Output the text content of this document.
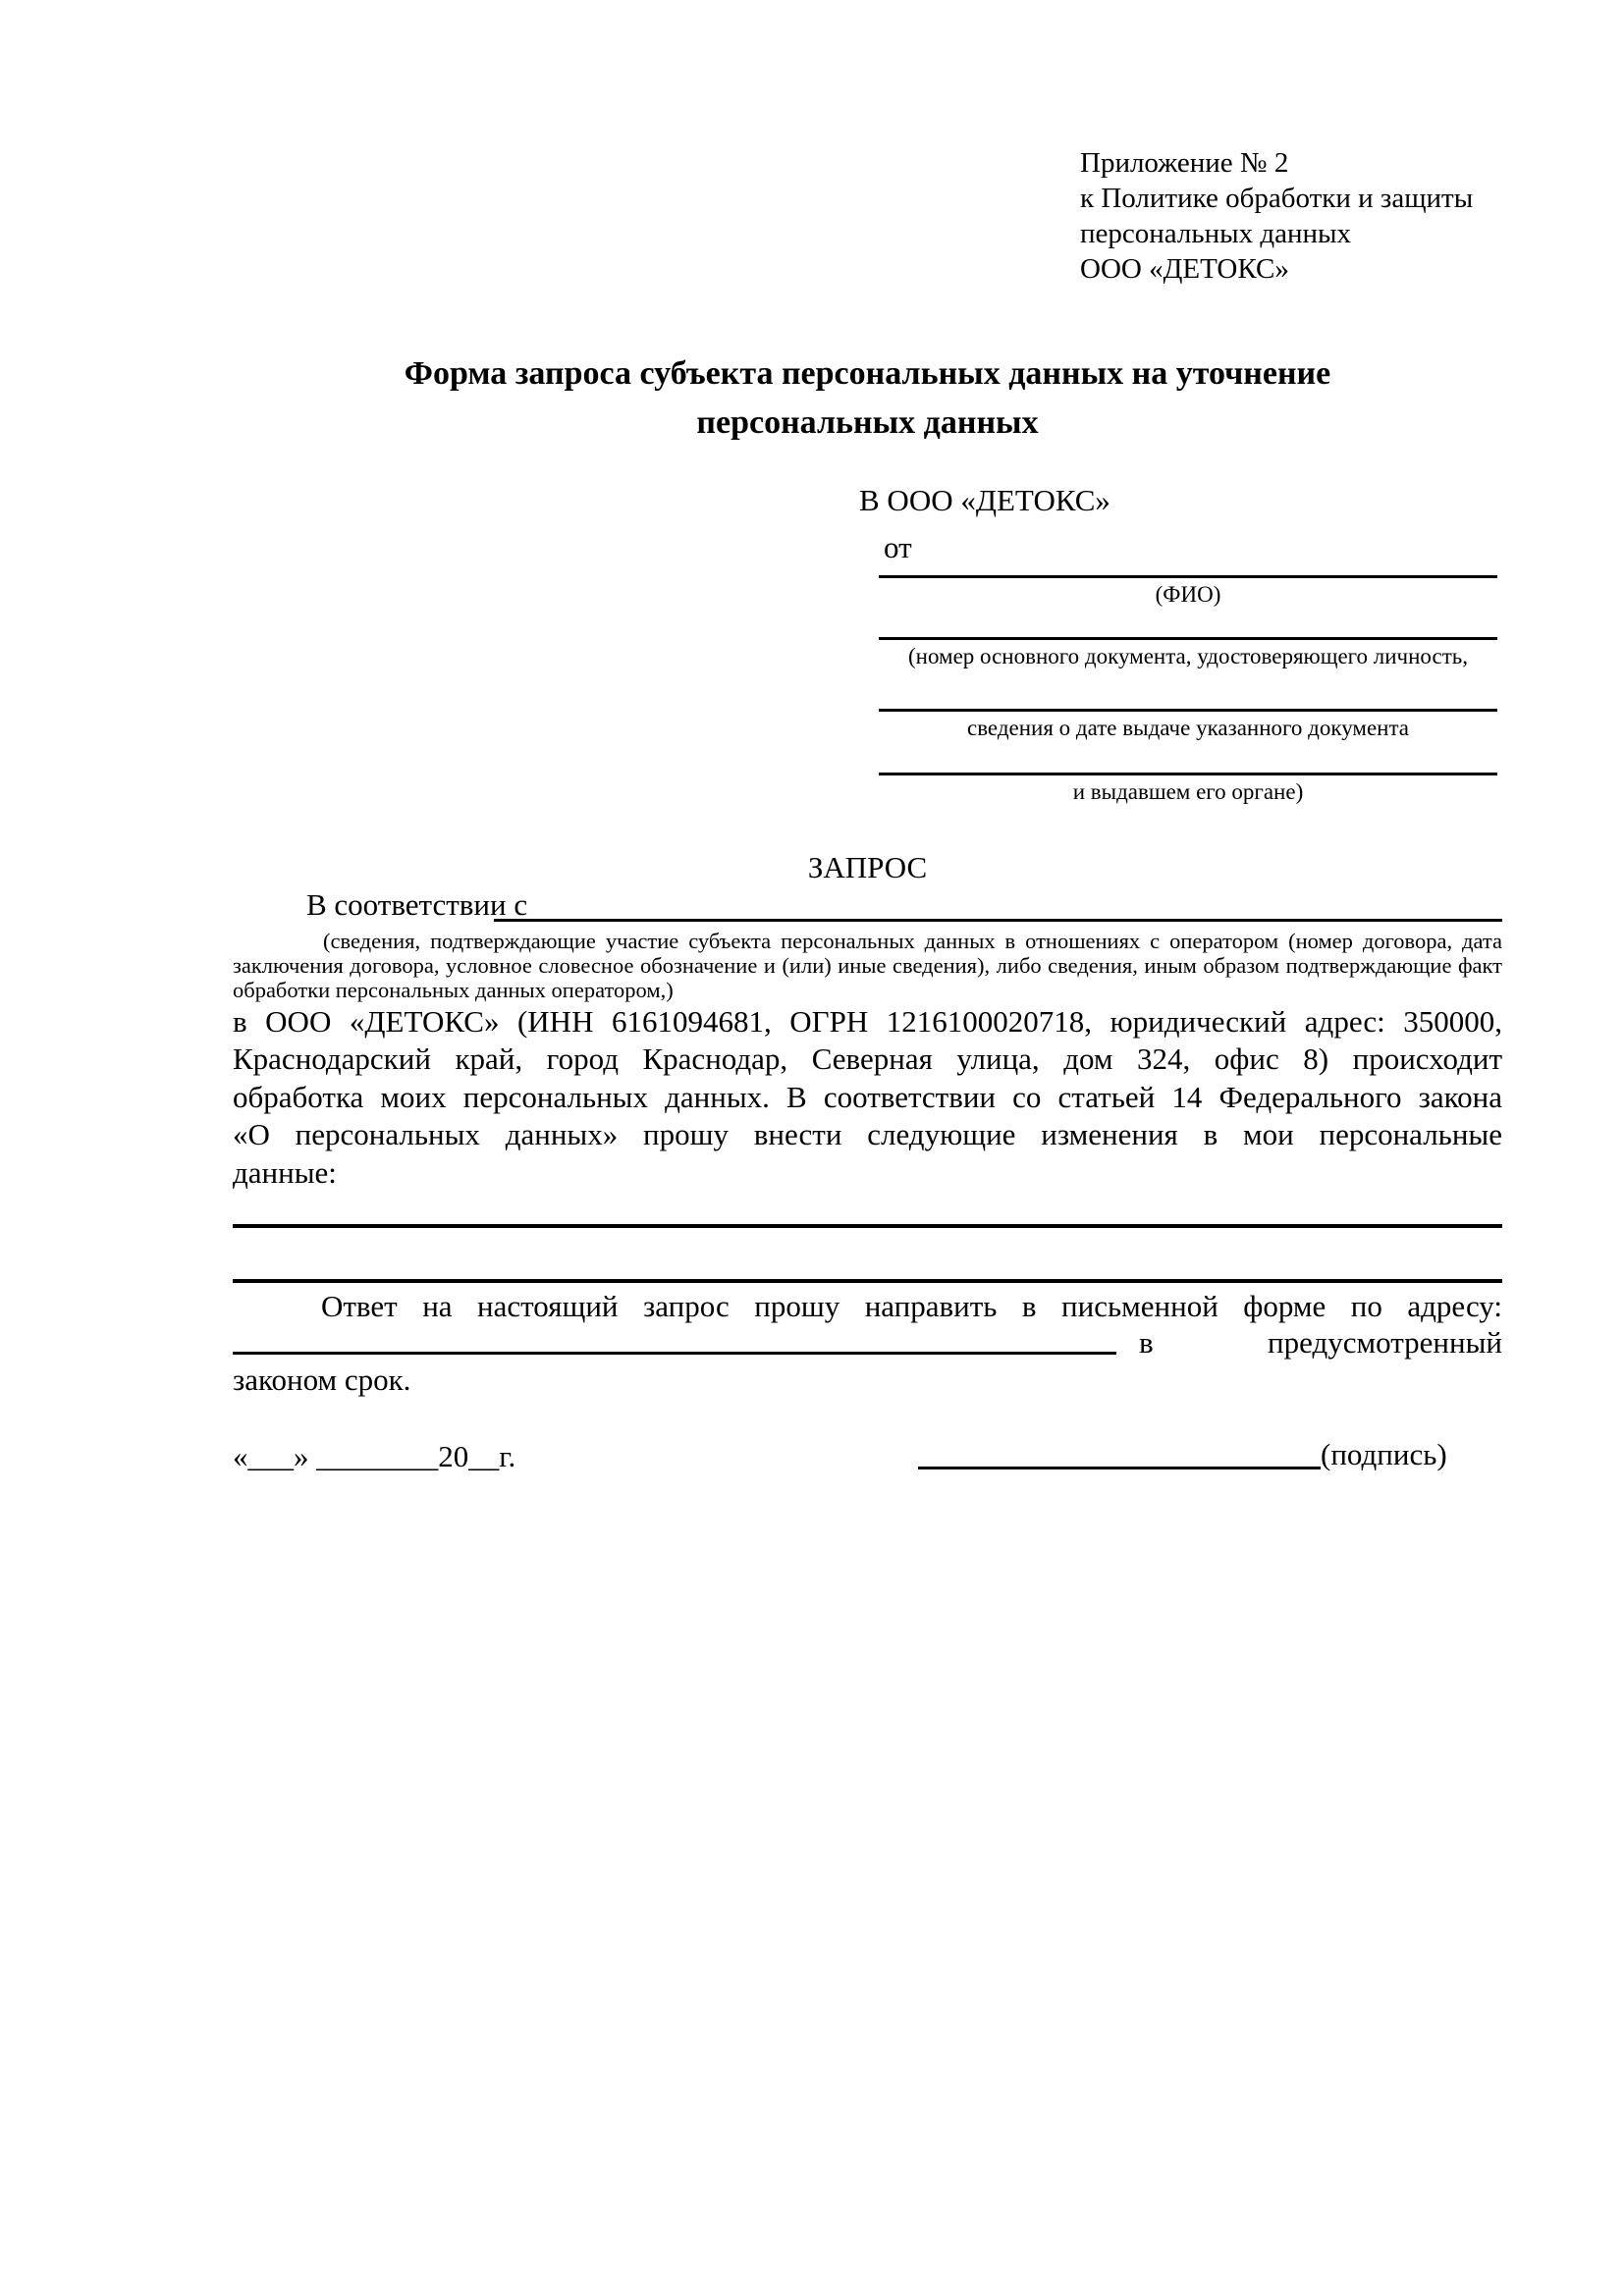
Приложение № 2
к Политике обработки и защиты
персональных данных
ООО «ДЕТОКС»
Форма запроса субъекта персональных данных на уточнение
персональных данных
В ООО «ДЕТОКС»
от
(ФИО)
(номер основного документа, удостоверяющего личность,
сведения о дате выдаче указанного документа
и выдавшем его органе)
ЗАПРОС
В соответствии с
(сведения, подтверждающие участие субъекта персональных данных в отношениях с оператором (номер договора, дата
заключения договора, условное словесное обозначение и (или) иные сведения), либо сведения, иным образом подтверждающие факт
обработки персональных данных оператором,)
в ООО «ДЕТОКС» (ИНН 6161094681, ОГРН 1216100020718, юридический адрес: 350000,
Краснодарский край, город Краснодар, Северная улица, дом 324, офис 8) происходит
обработка моих персональных данных. В соответствии со статьей 14 Федерального закона
«О персональных данных» прошу внести следующие изменения в мои персональные
данные:
Ответ на настоящий запрос прошу направить в письменной форме по адресу:
в	предусмотренный
законом срок.
«___» ________20__г.	(подпись)
